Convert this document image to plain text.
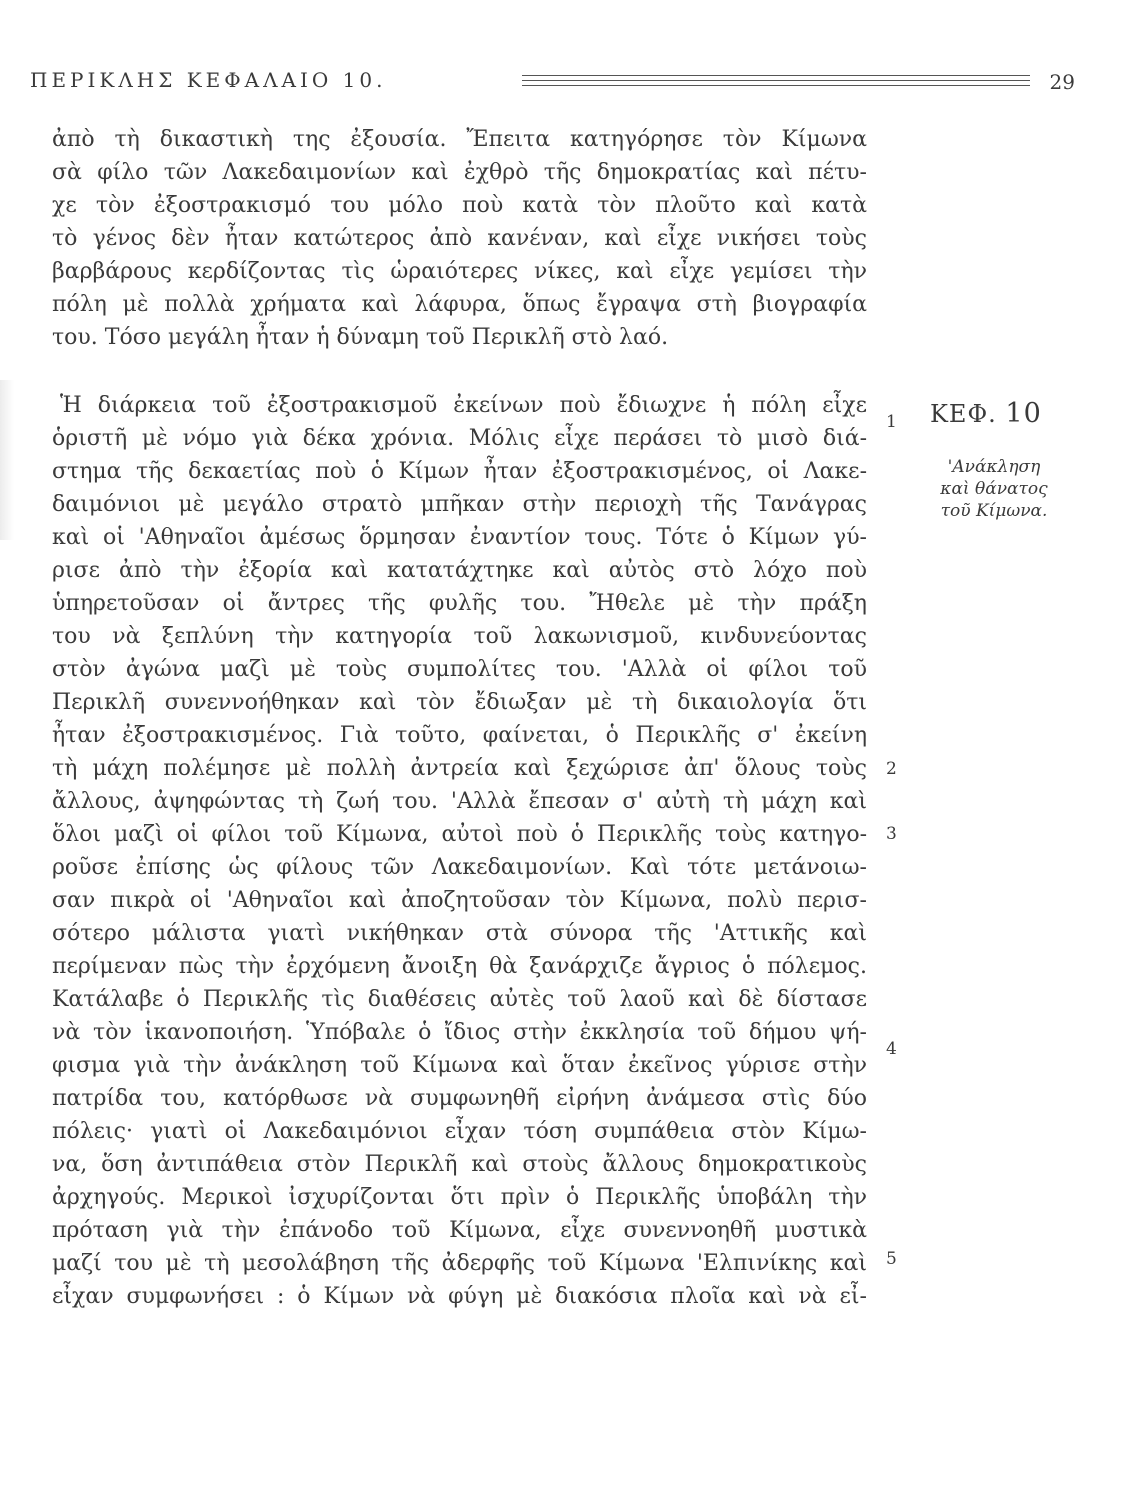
ΠΕΡΙΚΛΗΣ ΚΕΦΑΛΑΙΟ 10.	29
ἀπὸ τὴ δικαστικὴ της ἐξουσία. Ἔπειτα κατηγόρησε τὸν Κίμωνα
σὰ φίλο τῶν Λακεδαιμονίων καὶ ἐχθρὸ τῆς δημοκρατίας καὶ πέτυ-
χε τὸν ἐξοστρακισμό του μόλο ποὺ κατὰ τὸν πλοῦτο καὶ κατὰ
τὸ γένος δὲν ἦταν κατώτερος ἀπὸ κανέναν, καὶ εἶχε νικήσει τοὺς
βαρβάρους κερδίζοντας τὶς ὡραιότερες νίκες, καὶ εἶχε γεμίσει τὴν
πόλη μὲ πολλὰ χρήματα καὶ λάφυρα, ὅπως ἔγραψα στὴ βιογραφία
του. Τόσο μεγάλη ἦταν ἡ δύναμη τοῦ Περικλῆ στὸ λαό.
Ἡ διάρκεια τοῦ ἐξοστρακισμοῦ ἐκείνων ποὺ ἔδιωχνε ἡ πόλη εἶχε
ὁριστῆ μὲ νόμο γιὰ δέκα χρόνια. Μόλις εἶχε περάσει τὸ μισὸ διά-
στημα τῆς δεκαετίας ποὺ ὁ Κίμων ἦταν ἐξοστρακισμένος, οἱ Λακε-
δαιμόνιοι μὲ μεγάλο στρατὸ μπῆκαν στὴν περιοχὴ τῆς Τανάγρας
καὶ οἱ 'Αθηναῖοι ἀμέσως ὅρμησαν ἐναντίον τους. Τότε ὁ Κίμων γύ-
ρισε ἀπὸ τὴν ἐξορία καὶ κατατάχτηκε καὶ αὐτὸς στὸ λόχο ποὺ
ὑπηρετοῦσαν οἱ ἄντρες τῆς φυλῆς του. Ἤθελε μὲ τὴν πράξη
του νὰ ξεπλύνη τὴν κατηγορία τοῦ λακωνισμοῦ, κινδυνεύοντας
στὸν ἀγώνα μαζὶ μὲ τοὺς συμπολίτες του. 'Αλλὰ οἱ φίλοι τοῦ
Περικλῆ συνεννοήθηκαν καὶ τὸν ἔδιωξαν μὲ τὴ δικαιολογία ὅτι
ἦταν ἐξοστρακισμένος. Γιὰ τοῦτο, φαίνεται, ὁ Περικλῆς σ' ἐκείνη
τὴ μάχη πολέμησε μὲ πολλὴ ἀντρεία καὶ ξεχώρισε ἀπ' ὅλους τοὺς
ἄλλους, ἀψηφώντας τὴ ζωή του. 'Αλλὰ ἔπεσαν σ' αὐτὴ τὴ μάχη καὶ
ὅλοι μαζὶ οἱ φίλοι τοῦ Κίμωνα, αὐτοὶ ποὺ ὁ Περικλῆς τοὺς κατηγο-
ροῦσε ἐπίσης ὡς φίλους τῶν Λακεδαιμονίων. Καὶ τότε μετάνοιω-
σαν πικρὰ οἱ 'Αθηναῖοι καὶ ἀποζητοῦσαν τὸν Κίμωνα, πολὺ περισ-
σότερο μάλιστα γιατὶ νικήθηκαν στὰ σύνορα τῆς 'Αττικῆς καὶ
περίμεναν πὼς τὴν ἐρχόμενη ἄνοιξη θὰ ξανάρχιζε ἄγριος ὁ πόλεμος.
Κατάλαβε ὁ Περικλῆς τὶς διαθέσεις αὐτὲς τοῦ λαοῦ καὶ δὲ δίστασε
νὰ τὸν ἱκανοποιήση. Ὑπόβαλε ὁ ἴδιος στὴν ἐκκλησία τοῦ δήμου ψή-
φισμα γιὰ τὴν ἀνάκληση τοῦ Κίμωνα καὶ ὅταν ἐκεῖνος γύρισε στὴν
πατρίδα του, κατόρθωσε νὰ συμφωνηθῆ εἰρήνη ἀνάμεσα στὶς δύο
πόλεις· γιατὶ οἱ Λακεδαιμόνιοι εἶχαν τόση συμπάθεια στὸν Κίμω-
να, ὅση ἀντιπάθεια στὸν Περικλῆ καὶ στοὺς ἄλλους δημοκρατικοὺς
ἀρχηγούς. Μερικοὶ ἰσχυρίζονται ὅτι πρὶν ὁ Περικλῆς ὑποβάλη τὴν
πρόταση γιὰ τὴν ἐπάνοδο τοῦ Κίμωνα, εἶχε συνεννοηθῆ μυστικὰ
μαζί του μὲ τὴ μεσολάβηση τῆς ἀδερφῆς τοῦ Κίμωνα 'Ελπινίκης καὶ
εἶχαν συμφωνήσει : ὁ Κίμων νὰ φύγη μὲ διακόσια πλοῖα καὶ νὰ εἶ-
1
2
3
4
5
ΚΕΦ. 10
'Ανάκληση
καὶ θάνατος
τοῦ Κίμωνα.
